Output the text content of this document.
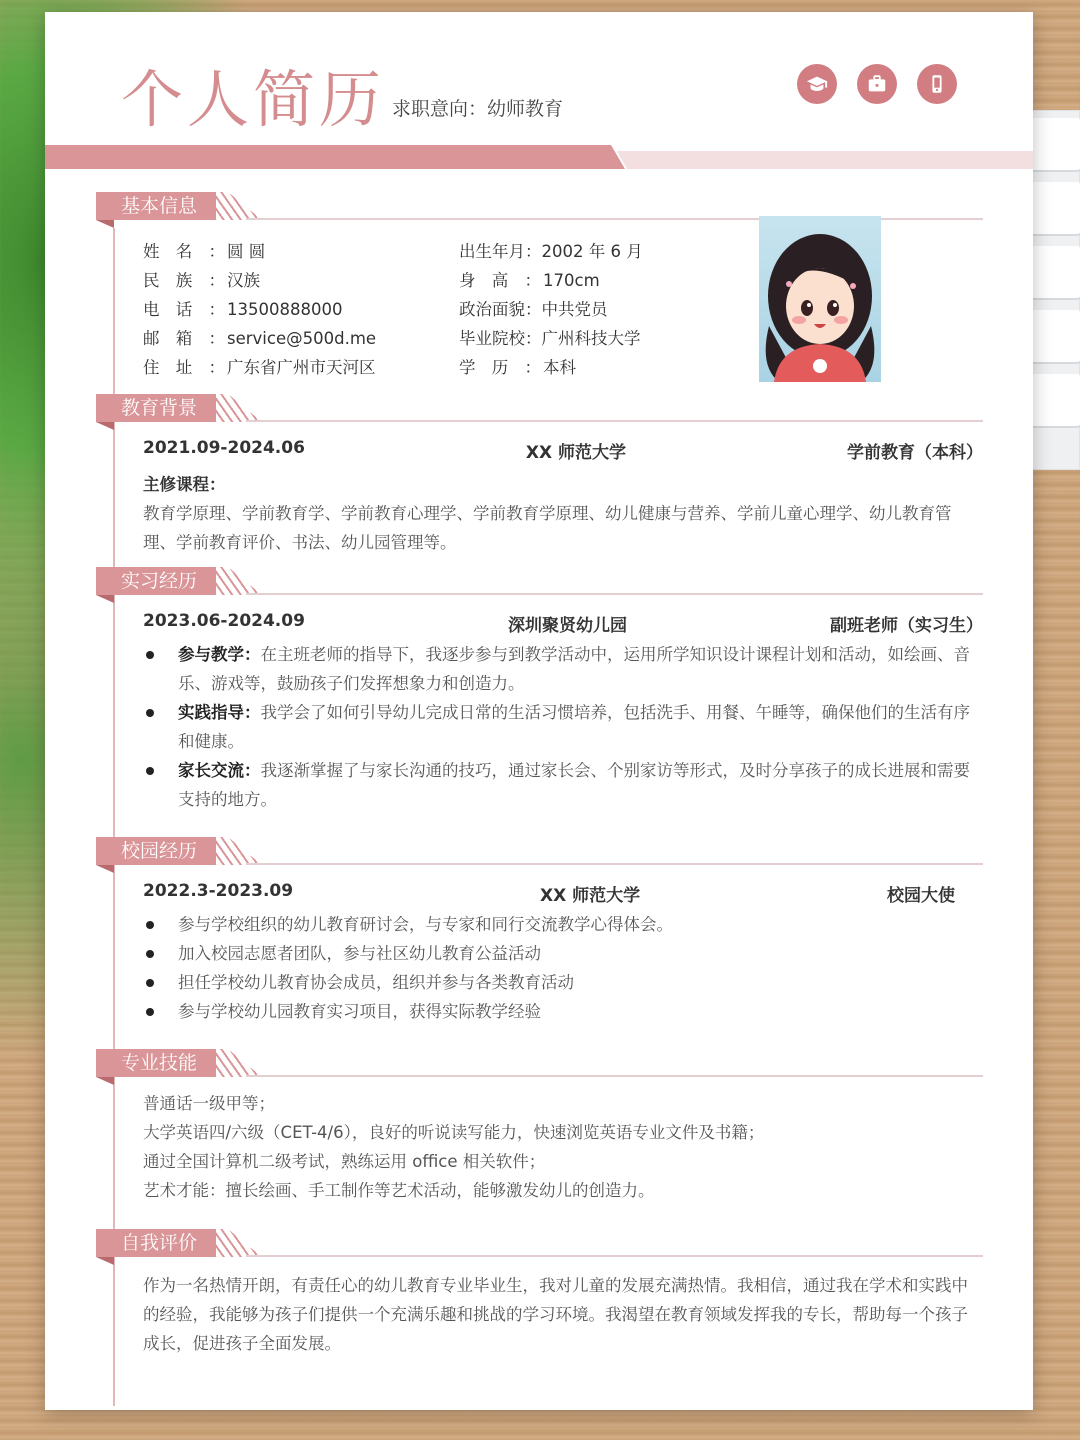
个人简历 求职意向：幼师教育
基本信息
姓名： 圆 圆
民族： 汉族
电话： 13500888000
邮箱： service@500d.me
住址： 广东省广州市天河区
出生年月：2002 年 6 月
身高： 170cm
政治面貌：中共党员
毕业院校：广州科技大学
学历： 本科
教育背景
2021.09-2024.06	XX 师范大学	学前教育（本科）
主修课程：
教育学原理、学前教育学、学前教育心理学、学前教育学原理、幼儿健康与营养、学前儿童心理学、幼儿教育管理、学前教育评价、书法、幼儿园管理等。
实习经历
2023.06-2024.09	深圳聚贤幼儿园	副班老师（实习生）
参与教学：在主班老师的指导下，我逐步参与到教学活动中，运用所学知识设计课程计划和活动，如绘画、音乐、游戏等，鼓励孩子们发挥想象力和创造力。
实践指导：我学会了如何引导幼儿完成日常的生活习惯培养，包括洗手、用餐、午睡等，确保他们的生活有序和健康。
家长交流：我逐渐掌握了与家长沟通的技巧，通过家长会、个别家访等形式，及时分享孩子的成长进展和需要支持的地方。
校园经历
2022.3-2023.09	XX 师范大学	校园大使
参与学校组织的幼儿教育研讨会，与专家和同行交流教学心得体会。
加入校园志愿者团队，参与社区幼儿教育公益活动
担任学校幼儿教育协会成员，组织并参与各类教育活动
参与学校幼儿园教育实习项目，获得实际教学经验
专业技能

普通话一级甲等；

大学英语四/六级（CET-4/6），良好的听说读写能力，快速浏览英语专业文件及书籍；

通过全国计算机二级考试，熟练运用 office 相关软件；

艺术才能：擅长绘画、手工制作等艺术活动，能够激发幼儿的创造力。

自我评价
作为一名热情开朗，有责任心的幼儿教育专业毕业生，我对儿童的发展充满热情。我相信，通过我在学术和实践中的经验，我能够为孩子们提供一个充满乐趣和挑战的学习环境。我渴望在教育领域发挥我的专长，帮助每一个孩子成长，促进孩子全面发展。
